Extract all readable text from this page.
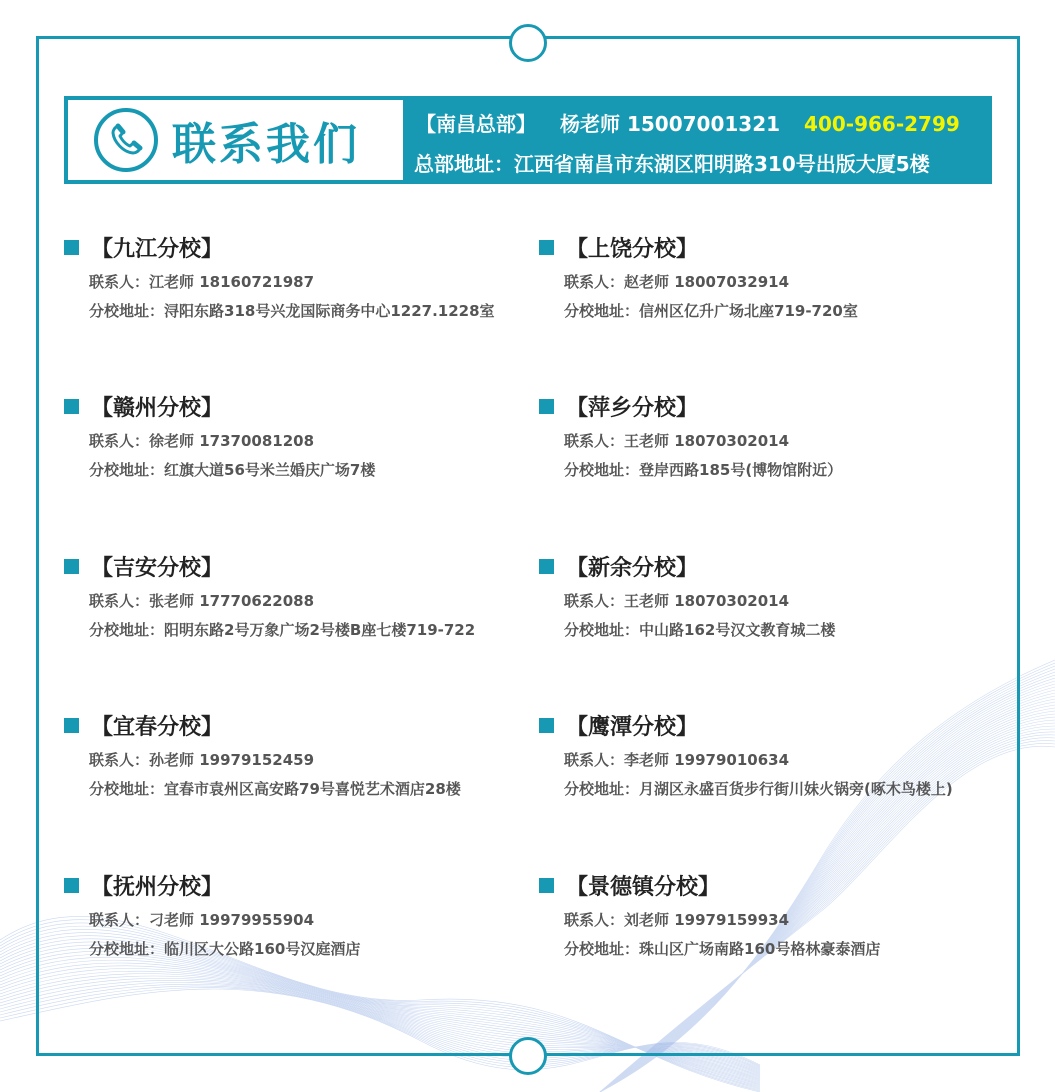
联系我们	【南昌总部】 杨老师 15007001321 400-966-2799
总部地址：江西省南昌市东湖区阳明路310号出版大厦5楼
【九江分校】
联系人：江老师 18160721987
分校地址：浔阳东路318号兴龙国际商务中心1227.1228室
【上饶分校】
联系人：赵老师 18007032914
分校地址：信州区亿升广场北座719-720室
【赣州分校】
联系人：徐老师 17370081208
分校地址：红旗大道56号米兰婚庆广场7楼
【萍乡分校】
联系人：王老师 18070302014
分校地址：登岸西路185号(博物馆附近）
【吉安分校】
联系人：张老师 17770622088
分校地址：阳明东路2号万象广场2号楼B座七楼719-722
【新余分校】
联系人：王老师 18070302014
分校地址：中山路162号汉文教育城二楼
【宜春分校】
联系人：孙老师 19979152459
分校地址：宜春市袁州区高安路79号喜悦艺术酒店28楼
【鹰潭分校】
联系人：李老师 19979010634
分校地址：月湖区永盛百货步行街川妹火锅旁(啄木鸟楼上)
【抚州分校】
联系人：刁老师 19979955904
分校地址：临川区大公路160号汉庭酒店
【景德镇分校】
联系人：刘老师 19979159934
分校地址：珠山区广场南路160号格林豪泰酒店
